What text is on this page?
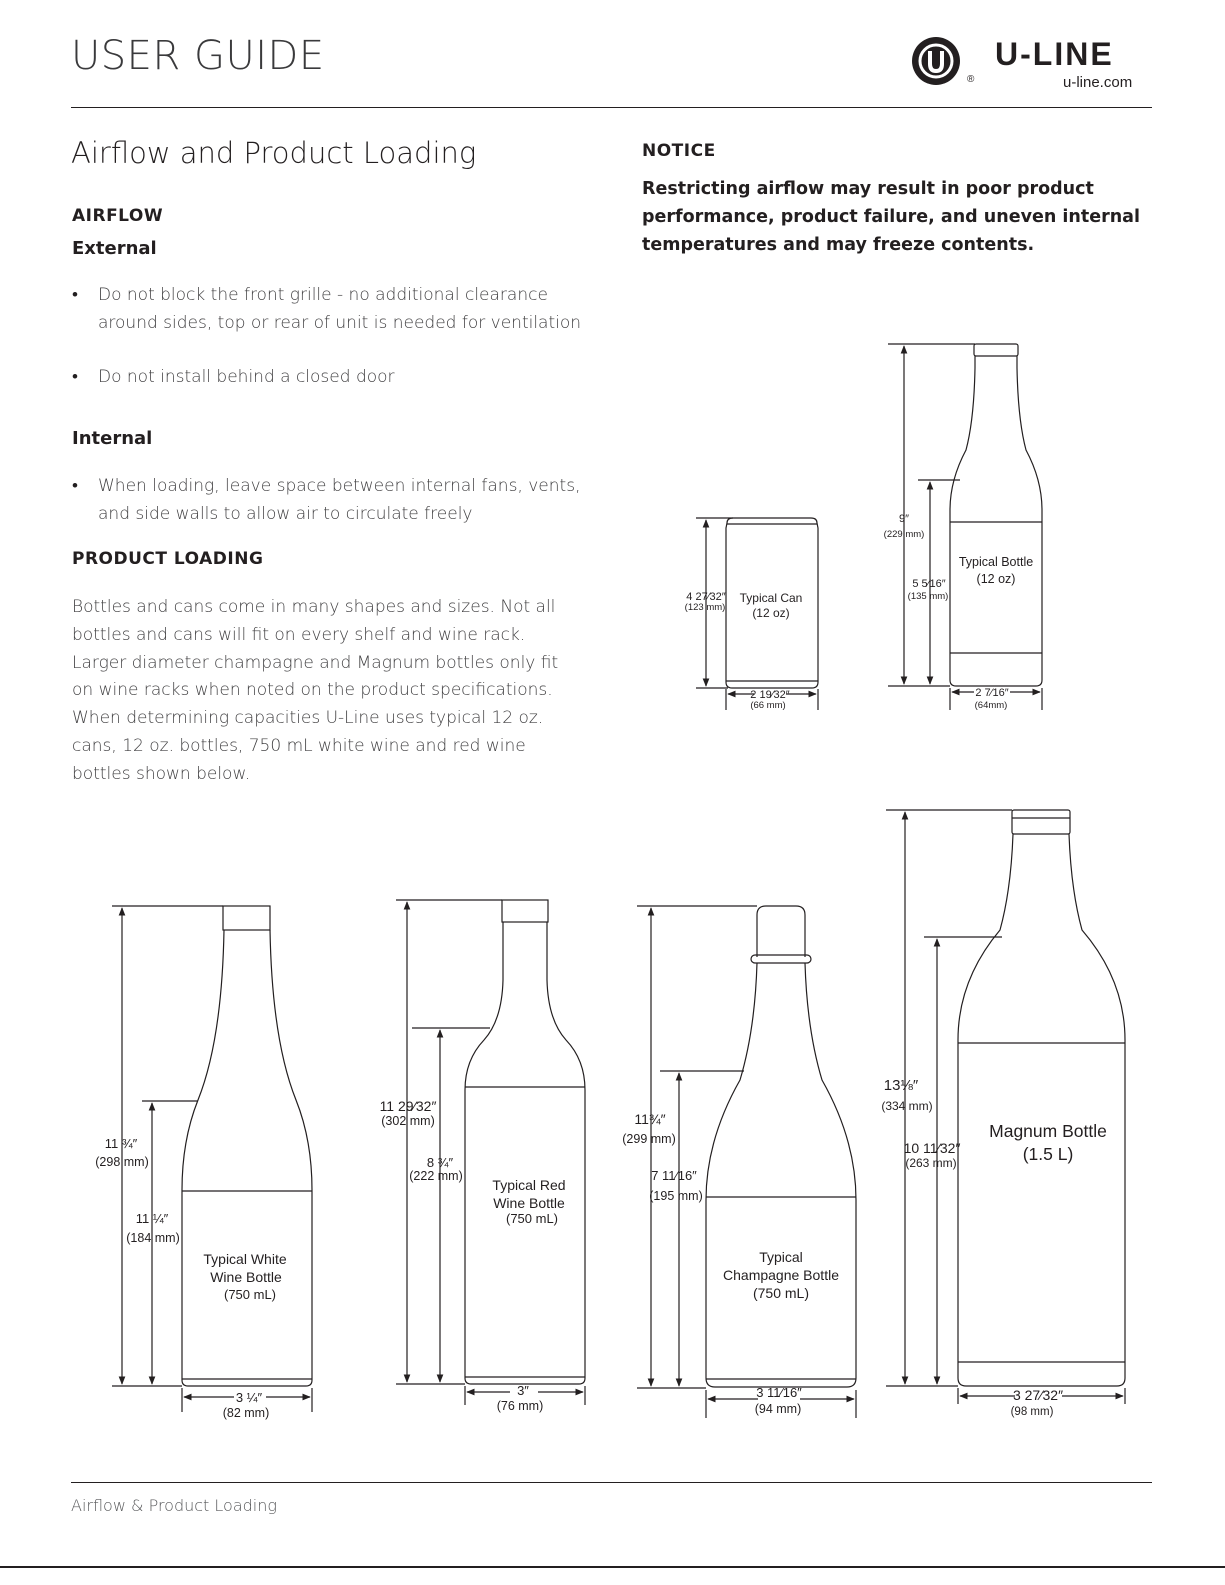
USER GUIDE
®
U-LINE
u-line.com
Airflow and Product Loading
AIRFLOW
External
•	Do not block the front grille - no additional clearance around sides, top or rear of unit is needed for ventilation
•	Do not install behind a closed door
Internal
•	When loading, leave space between internal fans, vents, and side walls to allow air to circulate freely
PRODUCT LOADING
Bottles and cans come in many shapes and sizes. Not all bottles and cans will fit on every shelf and wine rack. Larger diameter champagne and Magnum bottles only fit on wine racks when noted on the product specifications. When determining capacities U-Line uses typical 12 oz. cans, 12 oz. bottles, 750 mL white wine and red wine bottles shown below.
NOTICE
Restricting airflow may result in poor product performance, product failure, and uneven internal temperatures and may freeze contents.
Typical Can
(12 oz)
4 27⁄32″
(123 mm)
2 19⁄32″
(66 mm)
Typical Bottle
(12 oz)
9″
(229 mm)
5 5⁄16″
(135 mm)
2 7⁄16″
(64mm)
Typical White
Wine Bottle
(750 mL)
11 ¾″
(298 mm)
11 ¼″
(184 mm)
3 ¼″
(82 mm)
Typical Red
Wine Bottle
(750 mL)
11 29⁄32″
(302 mm)
8 ¾″
(222 mm)
3″
(76 mm)
Typical
Champagne Bottle
(750 mL)
11¾″
(299 mm)
7 11⁄16″
(195 mm)
3 11⁄16″
(94 mm)
Magnum Bottle
(1.5 L)
13⅛″
(334 mm)
10 11⁄32″
(263 mm)
3 27⁄32″
(98 mm)
Airflow & Product Loading
